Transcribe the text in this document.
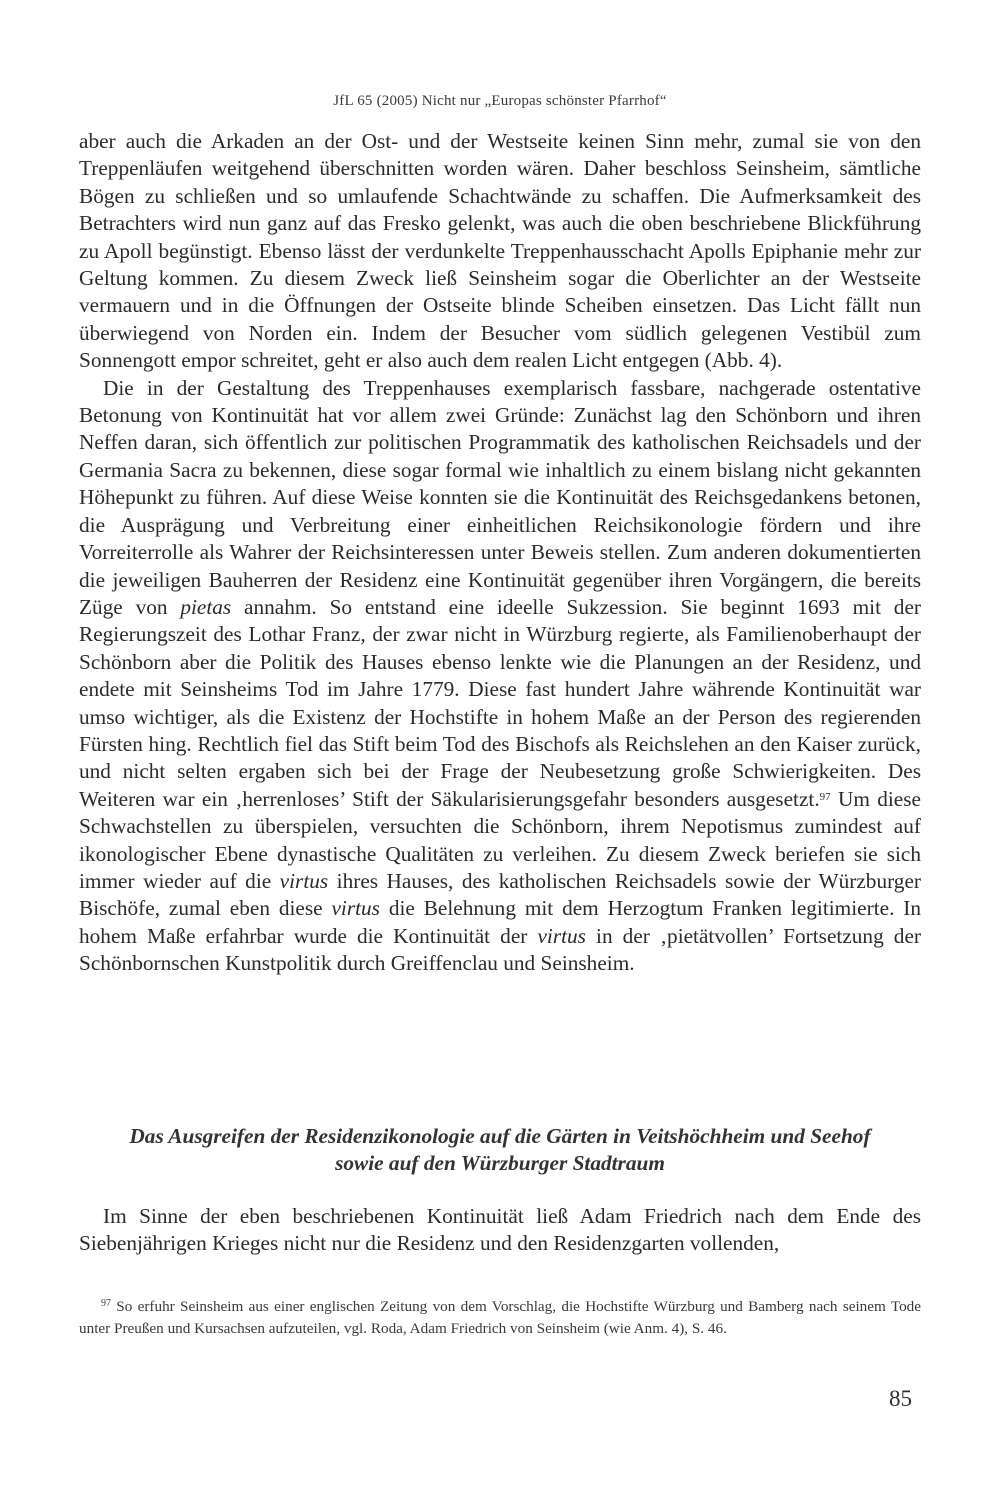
JfL 65 (2005) Nicht nur „Europas schönster Pfarrhof“

aber auch die Arkaden an der Ost- und der Westseite keinen Sinn mehr, zumal sie von den Treppenläufen weitgehend überschnitten worden wären. Daher beschloss Seinsheim, sämtliche Bögen zu schließen und so umlaufende Schachtwände zu schaffen. Die Aufmerksamkeit des Betrachters wird nun ganz auf das Fresko gelenkt, was auch die oben beschriebene Blickführung zu Apoll begünstigt. Ebenso lässt der verdunkelte Treppenhausschacht Apolls Epiphanie mehr zur Geltung kommen. Zu diesem Zweck ließ Seinsheim sogar die Oberlichter an der Westseite vermauern und in die Öffnungen der Ostseite blinde Scheiben einsetzen. Das Licht fällt nun überwiegend von Norden ein. Indem der Besucher vom südlich gelegenen Vestibül zum Sonnengott empor schreitet, geht er also auch dem realen Licht entgegen (Abb. 4).

Die in der Gestaltung des Treppenhauses exemplarisch fassbare, nachgerade ostentative Betonung von Kontinuität hat vor allem zwei Gründe: Zunächst lag den Schönborn und ihren Neffen daran, sich öffentlich zur politischen Programmatik des katholischen Reichsadels und der Germania Sacra zu bekennen, diese sogar formal wie inhaltlich zu einem bislang nicht gekannten Höhepunkt zu führen. Auf diese Weise konnten sie die Kontinuität des Reichsgedankens betonen, die Ausprägung und Verbreitung einer einheitlichen Reichsikonologie fördern und ihre Vorreiterrolle als Wahrer der Reichsinteressen unter Beweis stellen. Zum anderen dokumentierten die jeweiligen Bauherren der Residenz eine Kontinuität gegenüber ihren Vorgängern, die bereits Züge von pietas annahm. So entstand eine ideelle Sukzession. Sie beginnt 1693 mit der Regierungszeit des Lothar Franz, der zwar nicht in Würzburg regierte, als Familienoberhaupt der Schönborn aber die Politik des Hauses ebenso lenkte wie die Planungen an der Residenz, und endete mit Seinsheims Tod im Jahre 1779. Diese fast hundert Jahre währende Kontinuität war umso wichtiger, als die Existenz der Hochstifte in hohem Maße an der Person des regierenden Fürsten hing. Rechtlich fiel das Stift beim Tod des Bischofs als Reichslehen an den Kaiser zurück, und nicht selten ergaben sich bei der Frage der Neubesetzung große Schwierigkeiten. Des Weiteren war ein ‚herrenloses’ Stift der Säkularisierungsgefahr besonders ausgesetzt.$^{97}$ Um diese Schwachstellen zu überspielen, versuchten die Schönborn, ihrem Nepotismus zumindest auf ikonologischer Ebene dynastische Qualitäten zu verleihen. Zu diesem Zweck beriefen sie sich immer wieder auf die virtus ihres Hauses, des katholischen Reichsadels sowie der Würzburger Bischöfe, zumal eben diese virtus die Belehnung mit dem Herzogtum Franken legitimierte. In hohem Maße erfahrbar wurde die Kontinuität der virtus in der ‚pietätvollen’ Fortsetzung der Schönbornschen Kunstpolitik durch Greiffenclau und Seinsheim.

Das Ausgreifen der Residenzikonologie auf die Gärten in Veitshöchheim und Seehof
sowie auf den Würzburger Stadtraum

Im Sinne der eben beschriebenen Kontinuität ließ Adam Friedrich nach dem Ende des Siebenjährigen Krieges nicht nur die Residenz und den Residenzgarten vollenden,

$^{97}$ So erfuhr Seinsheim aus einer englischen Zeitung von dem Vorschlag, die Hochstifte Würzburg und Bamberg nach seinem Tode unter Preußen und Kursachsen aufzuteilen, vgl. Roda, Adam Friedrich von Seinsheim (wie Anm. 4), S. 46.

85
